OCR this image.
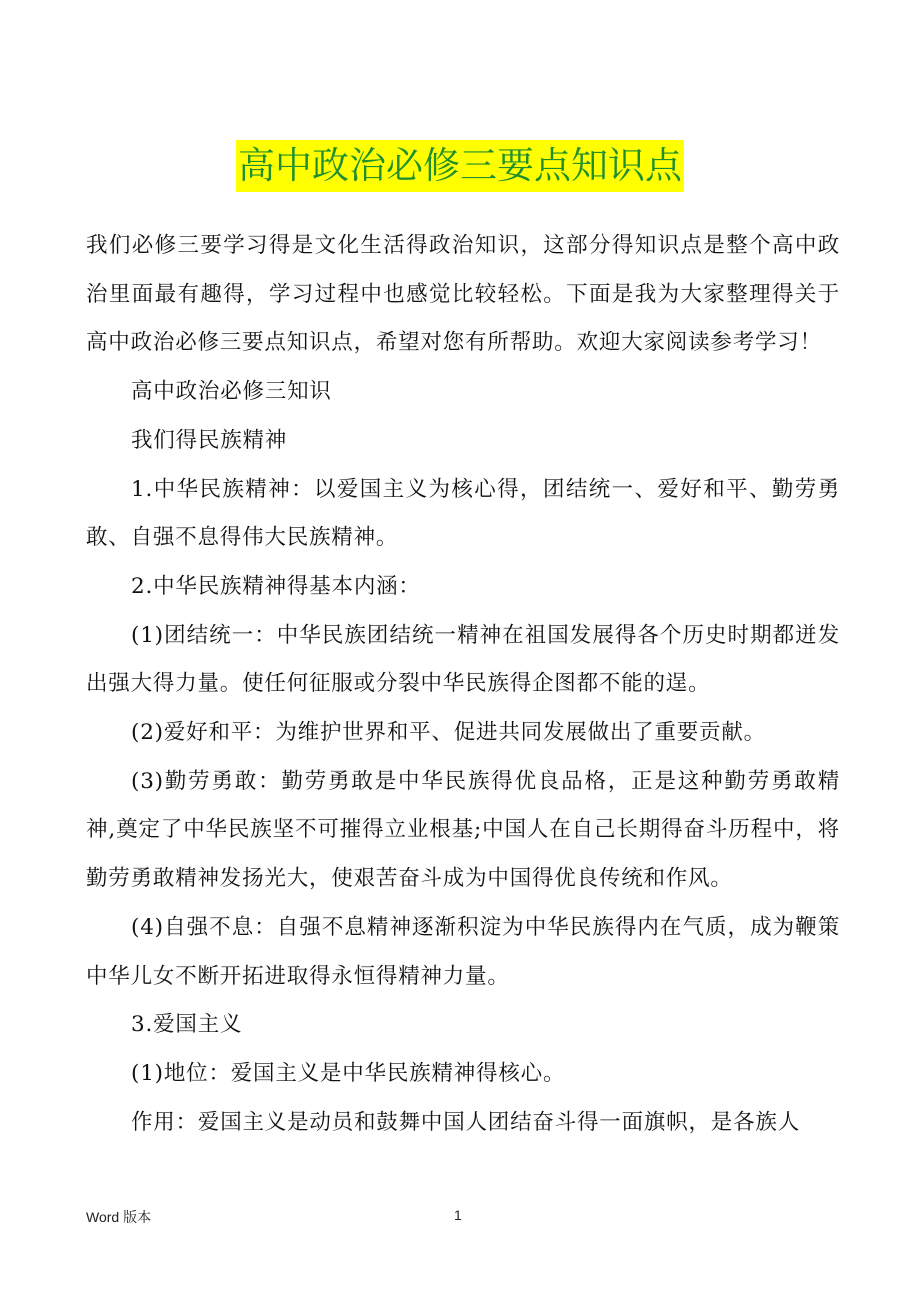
高中政治必修三要点知识点

我们必修三要学习得是文化生活得政治知识，这部分得知识点是整个高中政治里面最有趣得，学习过程中也感觉比较轻松。下面是我为大家整理得关于高中政治必修三要点知识点，希望对您有所帮助。欢迎大家阅读参考学习！

高中政治必修三知识

我们得民族精神

1.中华民族精神：以爱国主义为核心得，团结统一、爱好和平、勤劳勇敢、自强不息得伟大民族精神。

2.中华民族精神得基本内涵：

(1)团结统一：中华民族团结统一精神在祖国发展得各个历史时期都迸发出强大得力量。使任何征服或分裂中华民族得企图都不能的逞。

(2)爱好和平：为维护世界和平、促进共同发展做出了重要贡献。

(3)勤劳勇敢：勤劳勇敢是中华民族得优良品格，正是这种勤劳勇敢精神,奠定了中华民族坚不可摧得立业根基;中国人在自己长期得奋斗历程中，将勤劳勇敢精神发扬光大，使艰苦奋斗成为中国得优良传统和作风。

(4)自强不息：自强不息精神逐渐积淀为中华民族得内在气质，成为鞭策中华儿女不断开拓进取得永恒得精神力量。

3.爱国主义

(1)地位：爱国主义是中华民族精神得核心。

作用：爱国主义是动员和鼓舞中国人团结奋斗得一面旗帜，是各族人

Word 版本	1
